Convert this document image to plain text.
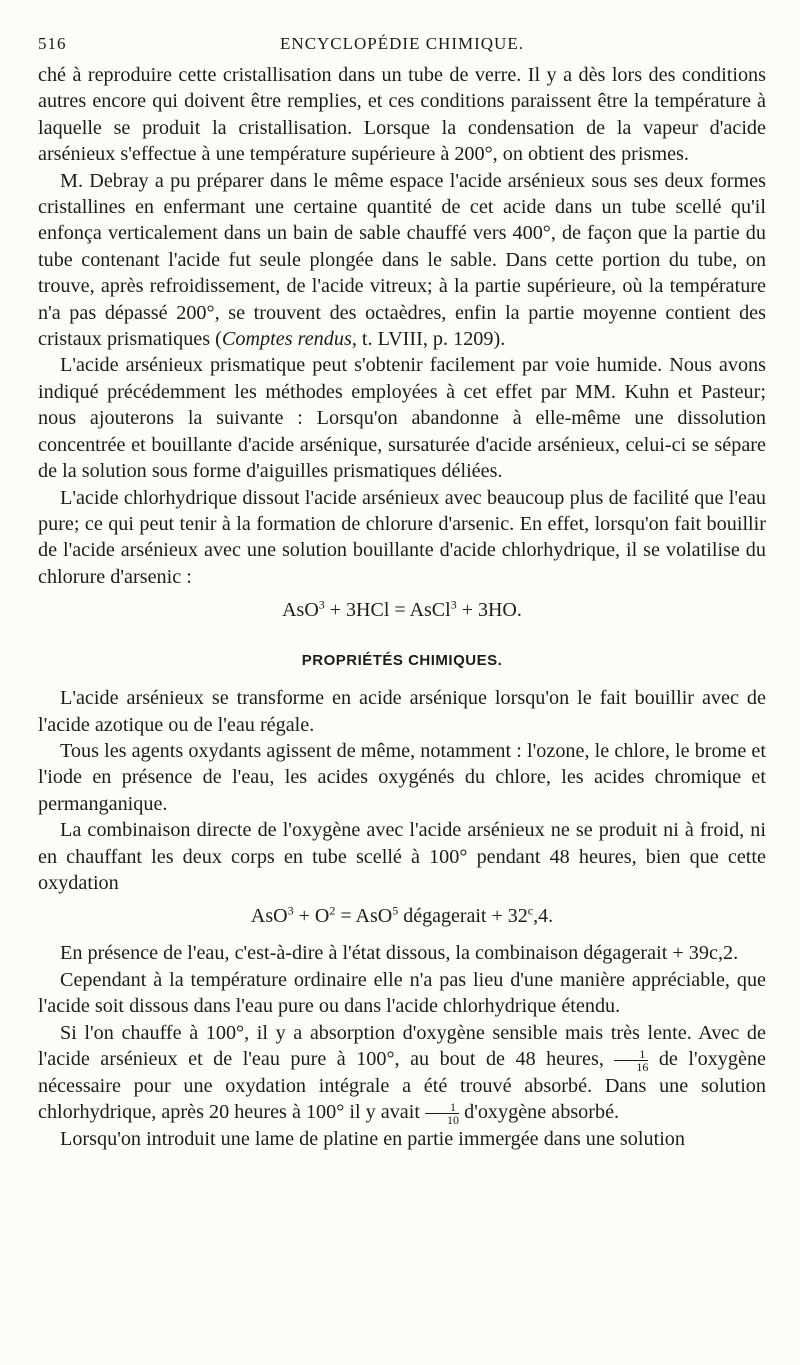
516	ENCYCLOPÉDIE CHIMIQUE.

ché à reproduire cette cristallisation dans un tube de verre. Il y a dès lors des conditions autres encore qui doivent être remplies, et ces conditions paraissent être la température à laquelle se produit la cristallisation. Lorsque la condensation de la vapeur d'acide arsénieux s'effectue à une température supérieure à 200°, on obtient des prismes.

M. Debray a pu préparer dans le même espace l'acide arsénieux sous ses deux formes cristallines en enfermant une certaine quantité de cet acide dans un tube scellé qu'il enfonça verticalement dans un bain de sable chauffé vers 400°, de façon que la partie du tube contenant l'acide fut seule plongée dans le sable. Dans cette portion du tube, on trouve, après refroidissement, de l'acide vitreux; à la partie supérieure, où la température n'a pas dépassé 200°, se trouvent des octaèdres, enfin la partie moyenne contient des cristaux prismatiques (Comptes rendus, t. LVIII, p. 1209).

L'acide arsénieux prismatique peut s'obtenir facilement par voie humide. Nous avons indiqué précédemment les méthodes employées à cet effet par MM. Kuhn et Pasteur; nous ajouterons la suivante : Lorsqu'on abandonne à elle-même une dissolution concentrée et bouillante d'acide arsénique, sursaturée d'acide arsénieux, celui-ci se sépare de la solution sous forme d'aiguilles prismatiques déliées.

L'acide chlorhydrique dissout l'acide arsénieux avec beaucoup plus de facilité que l'eau pure; ce qui peut tenir à la formation de chlorure d'arsenic. En effet, lorsqu'on fait bouillir de l'acide arsénieux avec une solution bouillante d'acide chlorhydrique, il se volatilise du chlorure d'arsenic :

AsO$^3$ + 3HCl = AsCl$^3$ + 3HO.
PROPRIÉTÉS CHIMIQUES.

L'acide arsénieux se transforme en acide arsénique lorsqu'on le fait bouillir avec de l'acide azotique ou de l'eau régale.

Tous les agents oxydants agissent de même, notamment : l'ozone, le chlore, le brome et l'iode en présence de l'eau, les acides oxygénés du chlore, les acides chromique et permanganique.

La combinaison directe de l'oxygène avec l'acide arsénieux ne se produit ni à froid, ni en chauffant les deux corps en tube scellé à 100° pendant 48 heures, bien que cette oxydation

$AsO^3 + O^2 = AsO^5$ dégagerait + $32^c,4$.

En présence de l'eau, c'est-à-dire à l'état dissous, la combinaison dégagerait + 39c,2.

Cependant à la température ordinaire elle n'a pas lieu d'une manière appréciable, que l'acide soit dissous dans l'eau pure ou dans l'acide chlorhydrique étendu.

Si l'on chauffe à 100°, il y a absorption d'oxygène sensible mais très lente. Avec de l'acide arsénieux et de l'eau pure à 100°, au bout de 48 heures, $\frac{1}{16}$ de l'oxygène nécessaire pour une oxydation intégrale a été trouvé absorbé. Dans une solution chlorhydrique, après 20 heures à 100° il y avait $\frac{1}{10}$ d'oxygène absorbé.

Lorsqu'on introduit une lame de platine en partie immergée dans une solution
